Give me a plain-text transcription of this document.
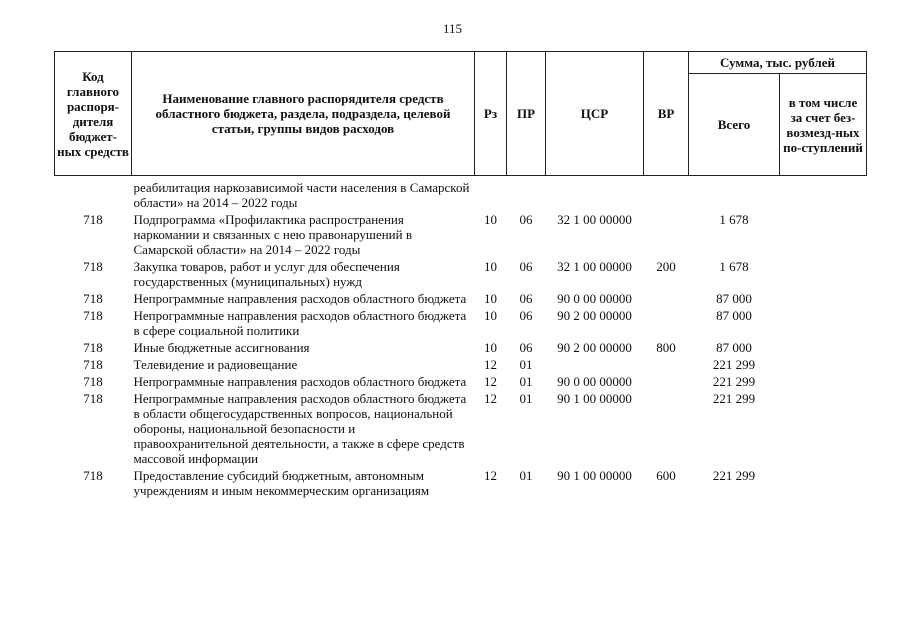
115
Код главного распоря-дителя бюджет-ных средств	Наименование главного распорядителя средств областного бюджета, раздела, подраздела, целевой статьи, группы видов расходов	Рз	ПР	ЦСР	ВР	Сумма, тыс. рублей	
						Всего	в том числе за счет без-возмезд-ных по-ступлений
	реабилитация наркозависимой части населения в Самарской области» на 2014 – 2022 годы						
718	Подпрограмма «Профилактика распространения наркомании и связанных с нею правонарушений в Самарской области» на 2014 – 2022 годы	10	06	32 1 00 00000		1 678	
718	Закупка товаров, работ и услуг для обеспечения государственных (муниципальных) нужд	10	06	32 1 00 00000	200	1 678	
718	Непрограммные направления расходов областного бюджета	10	06	90 0 00 00000		87 000	
718	Непрограммные направления расходов областного бюджета в сфере социальной политики	10	06	90 2 00 00000		87 000	
718	Иные бюджетные ассигнования	10	06	90 2 00 00000	800	87 000	
718	Телевидение и радиовещание	12	01			221 299	
718	Непрограммные направления расходов областного бюджета	12	01	90 0 00 00000		221 299	
718	Непрограммные направления расходов областного бюджета в области общегосударственных вопросов, национальной обороны, национальной безопасности и правоохранительной деятельности, а также в сфере средств массовой информации	12	01	90 1 00 00000		221 299	
718	Предоставление субсидий бюджетным, автономным учреждениям и иным некоммерческим организациям	12	01	90 1 00 00000	600	221 299	
